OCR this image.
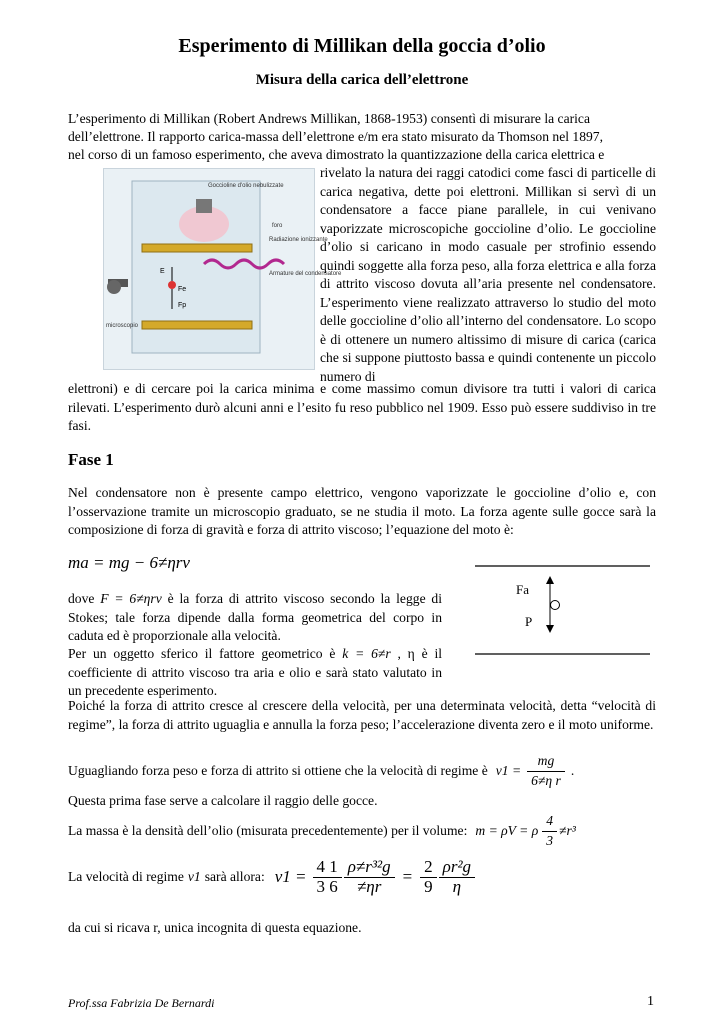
Esperimento di Millikan della goccia d’olio
Misura della carica dell’elettrone

L’esperimento di Millikan (Robert Andrews Millikan, 1868-1953) consentì di misurare la carica

dell’elettrone. Il rapporto carica-massa dell’elettrone e/m era stato misurato da Thomson nel 1897,

nel corso di un famoso esperimento, che aveva dimostrato la quantizzazione della carica elettrica e

Goccioline d'olio nebulizzate
foro
Radiazione ionizzante
Armature del condensatore
microscopio
E
Fe
Fp

rivelato la natura dei raggi catodici come fasci di particelle di carica negativa, dette poi elettroni. Millikan si servì di un condensatore a facce piane parallele, in cui venivano vaporizzate microscopiche goccioline d’olio. Le goccioline d’olio si caricano in modo casuale per strofinio essendo quindi soggette alla forza peso, alla forza elettrica e alla forza di attrito viscoso dovuta all’aria presente nel condensatore. L’esperimento viene realizzato attraverso lo studio del moto delle goccioline d’olio all’interno del condensatore. Lo scopo è di ottenere un numero altissimo di misure di carica (carica che si suppone piuttosto bassa e quindi contenente un piccolo numero di

elettroni) e di cercare poi la carica minima e come massimo comun divisore tra tutti i valori di carica rilevati. L’esperimento durò alcuni anni e l’esito fu reso pubblico nel 1909. Esso può essere suddiviso in tre fasi.

Fase 1

Nel condensatore non è presente campo elettrico, vengono vaporizzate le goccioline d’olio e, con l’osservazione tramite un microscopio graduato, se ne studia il moto. La forza agente sulle gocce sarà la composizione di forza di gravità e forza di attrito viscoso; l’equazione del moto è:

ma = mg − 6≠ηrv
dove F = 6≠ηrv è la forza di attrito viscoso secondo la legge di Stokes; tale forza dipende dalla forma geometrica del corpo in caduta ed è proporzionale alla velocità.
Per un oggetto sferico il fattore geometrico è k = 6≠r , η è il coefficiente di attrito viscoso tra aria e olio e sarà stato valutato in un precedente esperimento.
Fa
P

Poiché la forza di attrito cresce al crescere della velocità, per una determinata velocità, detta “velocità di regime”, la forza di attrito uguaglia e annulla la forza peso; l’accelerazione diventa zero e il moto uniforme.

Uguagliando forza peso e forza di attrito si ottiene che la velocità di regime è $v1 = \frac{mg}{\text{6≠η r}}$ .

Questa prima fase serve a calcolare il raggio delle gocce.

La massa è la densità dell’olio (misurata precedentemente) per il volume: m = ρV = ρ $\frac{4}{3} \ne r^3$
La velocità di regime v1 sarà allora: $v1 = \frac{4 1}{3 6} \frac{\text{ρ≠r³²g}}{\ne\eta r} = \frac{2}{9} \frac{\text{ρr²g}}{\eta}$

da cui si ricava r, unica incognita di questa equazione.

Prof.ssa Fabrizia De Bernardi	1
